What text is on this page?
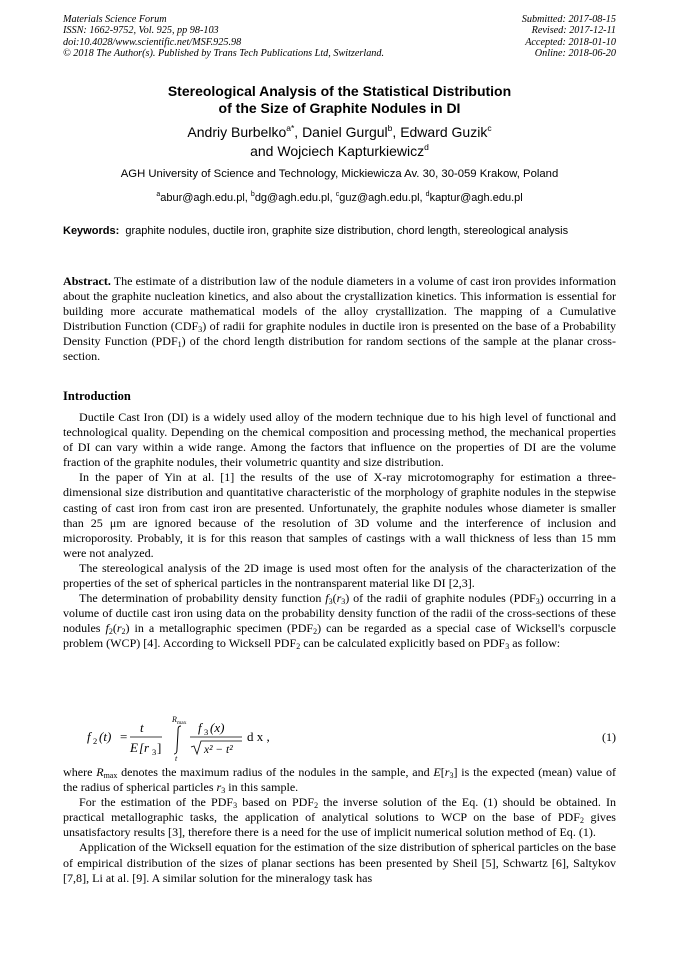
Materials Science Forum
ISSN: 1662-9752, Vol. 925, pp 98-103
doi:10.4028/www.scientific.net/MSF.925.98
© 2018 The Author(s). Published by Trans Tech Publications Ltd, Switzerland.
Submitted: 2017-08-15
Revised: 2017-12-11
Accepted: 2018-01-10
Online: 2018-06-20
Stereological Analysis of the Statistical Distribution
of the Size of Graphite Nodules in DI
Andriy Burbelko$^{a*}$, Daniel Gurgul$^b$, Edward Guzik$^c$
and Wojciech Kapturkiewicz$^d$
AGH University of Science and Technology, Mickiewicza Av. 30, 30-059 Krakow, Poland
$^a$abur@agh.edu.pl, $^b$dg@agh.edu.pl, $^c$guz@agh.edu.pl, $^d$kaptur@agh.edu.pl
Keywords: graphite nodules, ductile iron, graphite size distribution, chord length, stereological analysis
Abstract. The estimate of a distribution law of the nodule diameters in a volume of cast iron provides information about the graphite nucleation kinetics, and also about the crystallization kinetics. This information is essential for building more accurate mathematical models of the alloy crystallization. The mapping of a Cumulative Distribution Function $(CDF_3)$ of radii for graphite nodules in ductile iron is presented on the base of a Probability Density Function $(PDF_1)$ of the chord length distribution for random sections of the sample at the planar cross-section.
Introduction

Ductile Cast Iron (DI) is a widely used alloy of the modern technique due to his high level of functional and technological quality. Depending on the chemical composition and processing method, the mechanical properties of DI can vary within a wide range. Among the factors that influence on the properties of DI are the volume fraction of the graphite nodules, their volumetric quantity and size distribution.

In the paper of Yin at al. [1] the results of the use of X-ray microtomography for estimation a three-dimensional size distribution and quantitative characteristic of the morphology of graphite nodules in the stepwise casting of cast iron from cast iron are presented. Unfortunately, the graphite nodules whose diameter is smaller than 25 μm are ignored because of the resolution of 3D volume and the interference of inclusion and microporosity. Probably, it is for this reason that samples of castings with a wall thickness of less than 15 mm were not analyzed.

The stereological analysis of the 2D image is used most often for the analysis of the characterization of the properties of the set of spherical particles in the nontransparent material like DI [2,3].

The determination of probability density function $f_3(r_3)$ of the radii of graphite nodules $(PDF_3)$ occurring in a volume of ductile cast iron using data on the probability density function of the radii of the cross-sections of these nodules $f_2(r_2)$ in a metallographic specimen $(PDF_2)$ can be regarded as a special case of Wicksell's corpuscle problem (WCP) [4]. According to Wicksell $PDF_2$ can be calculated explicitly based on $PDF_3$ as follow:

f 2 (t) =
t
E [r 3 ]
R max
t
f 3 (x)
x² − t²
d x ,	(1)

where $R_{max}$ denotes the maximum radius of the nodules in the sample, and $E[r_3]$ is the expected (mean) value of the radius of spherical particles $r_3$ in this sample.

For the estimation of the $PDF_3$ based on $PDF_2$ the inverse solution of the Eq. (1) should be obtained. In practical metallographic tasks, the application of analytical solutions to WCP on the base of $PDF_2$ gives unsatisfactory results [3], therefore there is a need for the use of implicit numerical solution method of Eq. (1).

Application of the Wicksell equation for the estimation of the size distribution of spherical particles on the base of empirical distribution of the sizes of planar sections has been presented by Sheil [5], Schwartz [6], Saltykov [7,8], Li at al. [9]. A similar solution for the mineralogy task has
